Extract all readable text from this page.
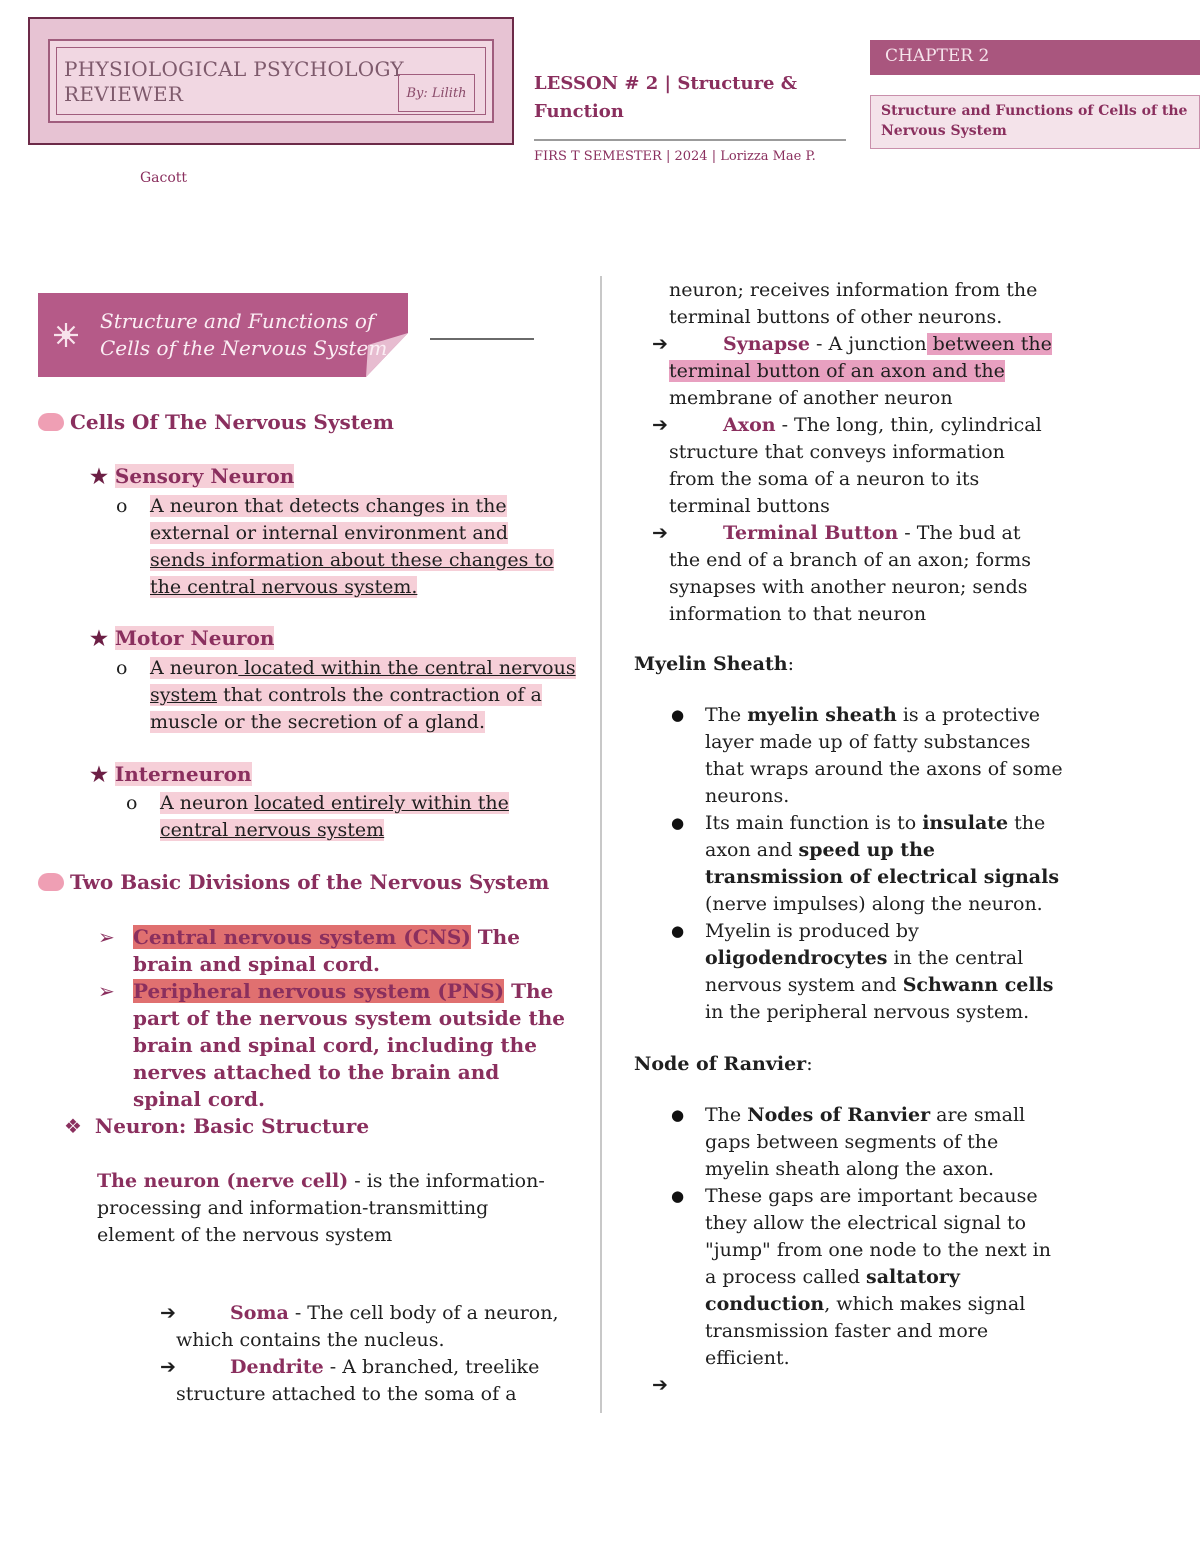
PHYSIOLOGICAL PSYCHOLOGY
REVIEWER	By: Lilith
Gacott
LESSON # 2 | Structure &
Function
FIRS T SEMESTER | 2024 | Lorizza Mae P.
CHAPTER 2
Structure and Functions of Cells of the Nervous System
Structure and Functions of
Cells of the Nervous System
Cells Of The Nervous System
★ Sensory Neuron
o A neuron that detects changes in the external or internal environment and sends information about these changes to the central nervous system.
★ Motor Neuron
o A neuron located within the central nervous system that controls the contraction of a muscle or the secretion of a gland.
★ Interneuron
o A neuron located entirely within the central nervous system
Two Basic Divisions of the Nervous System
➢ Central nervous system (CNS) The brain and spinal cord.
➢ Peripheral nervous system (PNS) The part of the nervous system outside the brain and spinal cord, including the nerves attached to the brain and spinal cord.
❖ Neuron: Basic Structure
The neuron (nerve cell) - is the information-processing and information-transmitting element of the nervous system
➔	Soma - The cell body of a neuron, which contains the nucleus.
➔	Dendrite - A branched, treelike structure attached to the soma of a
neuron; receives information from the terminal buttons of other neurons.
➔	Synapse - A junction between the terminal button of an axon and the membrane of another neuron
➔	Axon - The long, thin, cylindrical structure that conveys information from the soma of a neuron to its terminal buttons
➔	Terminal Button - The bud at the end of a branch of an axon; forms synapses with another neuron; sends information to that neuron
Myelin Sheath:
● The myelin sheath is a protective layer made up of fatty substances that wraps around the axons of some neurons.
● Its main function is to insulate the axon and speed up the transmission of electrical signals (nerve impulses) along the neuron.
● Myelin is produced by oligodendrocytes in the central nervous system and Schwann cells in the peripheral nervous system.
Node of Ranvier:
● The Nodes of Ranvier are small gaps between segments of the myelin sheath along the axon.
● These gaps are important because they allow the electrical signal to "jump" from one node to the next in a process called saltatory conduction, which makes signal transmission faster and more efficient.
➔
